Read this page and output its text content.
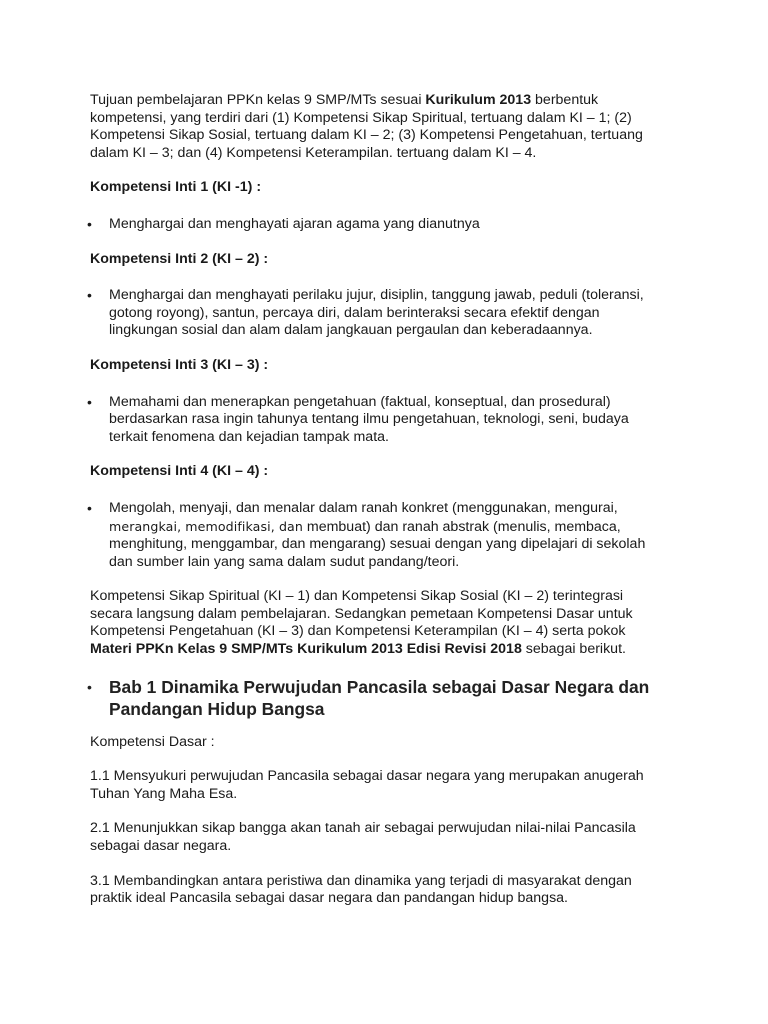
Tujuan pembelajaran PPKn kelas 9 SMP/MTs sesuai Kurikulum 2013 berbentuk kompetensi, yang terdiri dari (1) Kompetensi Sikap Spiritual, tertuang dalam KI – 1; (2) Kompetensi Sikap Sosial, tertuang dalam KI – 2; (3) Kompetensi Pengetahuan, tertuang dalam KI – 3; dan (4) Kompetensi Keterampilan. tertuang dalam KI – 4.

Kompetensi Inti 1 (KI -1) :

• Menghargai dan menghayati ajaran agama yang dianutnya

Kompetensi Inti 2 (KI – 2) :

• Menghargai dan menghayati perilaku jujur, disiplin, tanggung jawab, peduli (toleransi, gotong royong), santun, percaya diri, dalam berinteraksi secara efektif dengan lingkungan sosial dan alam dalam jangkauan pergaulan dan keberadaannya.

Kompetensi Inti 3 (KI – 3) :

• Memahami dan menerapkan pengetahuan (faktual, konseptual, dan prosedural) berdasarkan rasa ingin tahunya tentang ilmu pengetahuan, teknologi, seni, budaya terkait fenomena dan kejadian tampak mata.

Kompetensi Inti 4 (KI – 4) :

• Mengolah, menyaji, dan menalar dalam ranah konkret (menggunakan, mengurai,
merangkai, memodifikasi, dan membuat) dan ranah abstrak (menulis, membaca, menghitung, menggambar, dan mengarang) sesuai dengan yang dipelajari di sekolah dan sumber lain yang sama dalam sudut pandang/teori.

Kompetensi Sikap Spiritual (KI – 1) dan Kompetensi Sikap Sosial (KI – 2) terintegrasi secara langsung dalam pembelajaran. Sedangkan pemetaan Kompetensi Dasar untuk Kompetensi Pengetahuan (KI – 3) dan Kompetensi Keterampilan (KI – 4) serta pokok Materi PPKn Kelas 9 SMP/MTs Kurikulum 2013 Edisi Revisi 2018 sebagai berikut.

• Bab 1 Dinamika Perwujudan Pancasila sebagai Dasar Negara dan Pandangan Hidup Bangsa

Kompetensi Dasar :

1.1 Mensyukuri perwujudan Pancasila sebagai dasar negara yang merupakan anugerah Tuhan Yang Maha Esa.

2.1 Menunjukkan sikap bangga akan tanah air sebagai perwujudan nilai-nilai Pancasila sebagai dasar negara.

3.1 Membandingkan antara peristiwa dan dinamika yang terjadi di masyarakat dengan praktik ideal Pancasila sebagai dasar negara dan pandangan hidup bangsa.
